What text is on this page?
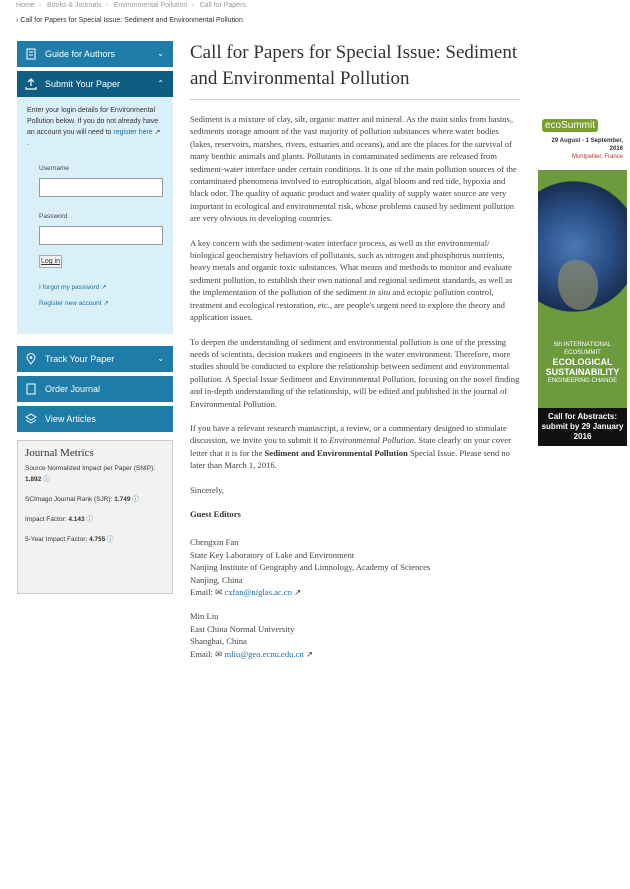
Home › Books & Journals › Environmental Pollution › Call for Papers
› Call for Papers for Special Issue: Sediment and Environmental Pollution
Guide for Authors	⌄
Submit Your Paper	⌃
Enter your login details for Environmental Pollution below. If you do not already have an account you will need to register here ↗ .
Username
Password
Log in
I forgot my password ↗
Register new account ↗
Track Your Paper	⌄
Order Journal
View Articles
Journal Metrics
Source Normalized Impact per Paper (SNIP): 1.892 ⓘ
SCImago Journal Rank (SJR): 1.749 ⓘ
Impact Factor: 4.143 ⓘ
5-Year Impact Factor: 4.755 ⓘ
Call for Papers for Special Issue: Sediment and Environmental Pollution

Sediment is a mixture of clay, silt, organic matter and mineral. As the main sinks from basins。 sediments storage amount of the vast majority of pollution substances where water bodies (lakes, reservoirs, marshes, rivers, estuaries and oceans), and are the places for the survival of many benthic animals and plants. Pollutants in contaminated sediments are released from sediment-water interface under certain conditions. It is one of the main pollution sources of the contaminated phenomena involved to eutrophication, algal bloom and red tide, hypoxia and black odor. The quality of aquatic product and water quality of supply water source are very important in ecological and environmental risk, whose problems caused by sediment pollution are very obvious in developing countries.

A key concern with the sediment-water interface process, as well as the environmental/ biological geochemistry behaviors of pollutants, such as nitrogen and phosphorus nutrients, heavy metals and organic toxic substances. What means and methods to monitor and evaluate sediment pollution, to establish their own national and regional sediment standards, as well as the implementation of the pollution of the sediment in situ and ectopic pollution control, treatment and ecological restoration, etc., are people's urgent need to explore the theory and application issues.

To deepen the understanding of sediment and environmental pollution is one of the pressing needs of scientists, decision makers and engineers in the water environment. Therefore, more studies should be conducted to explore the relationship between sediment and environmental pollution. A Special Issue Sediment and Environmental Pollution, focusing on the novel finding and in-depth understanding of the relationship, will be edited and published in the journal of Environmental Pollution.

If you have a relevant research manuscript, a review, or a commentary designed to stimulate discussion, we invite you to submit it to Environmental Pollution. State clearly on your cover letter that it is for the Sediment and Environmental Pollution Special Issue. Please send no later than March 1, 2016.

Sincerely,

Guest Editors

Chengxin Fan
State Key Laboratory of Lake and Environment
Nanjing Institute of Geography and Limnology, Academy of Sciences
Nanjing, China
Email: ✉ cxfan@niglas.ac.cn ↗

Min Liu
East China Normal University
Shanghai, China
Email: ✉ mliu@geo.ecnu.edu.cn ↗

ecoSummit
29 August - 1 September, 2016
Montpellier, France
5th INTERNATIONAL ECOSUMMIT
ECOLOGICAL SUSTAINABILITY
ENGINEERING CHANGE
Call for Abstracts: submit by 29 January 2016
